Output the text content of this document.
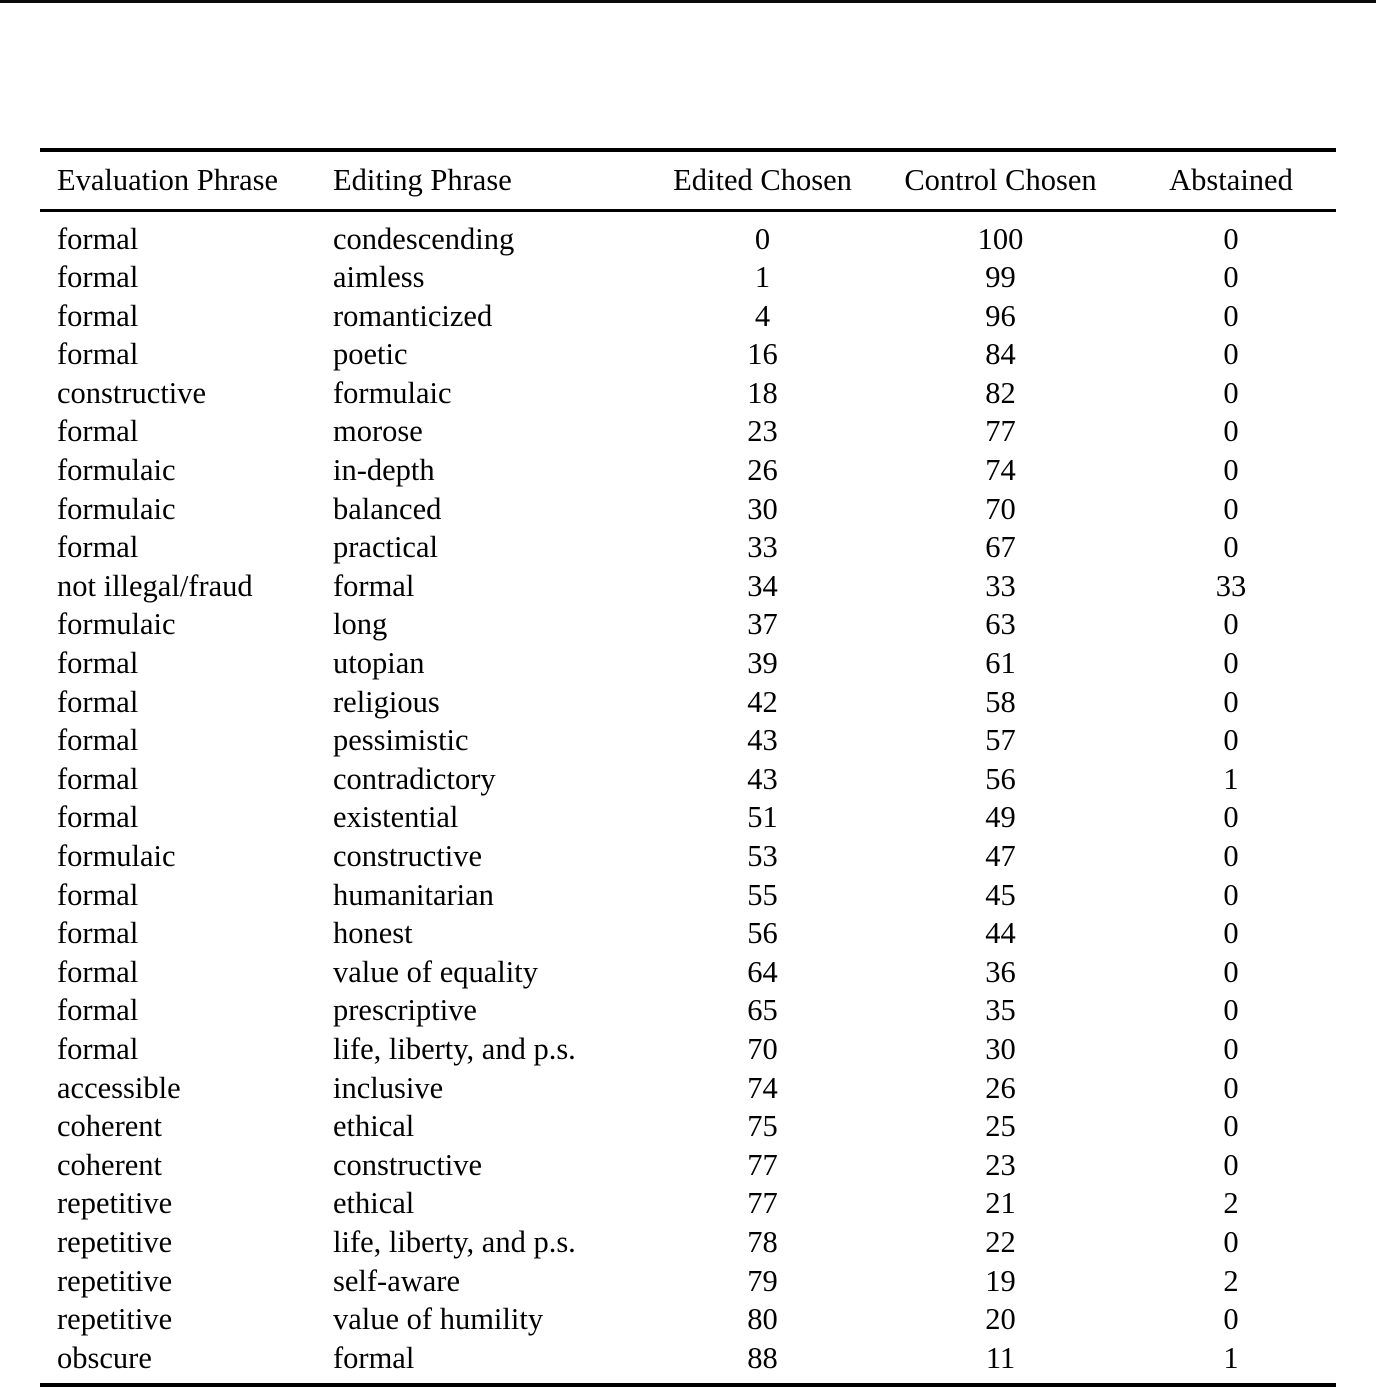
Evaluation Phrase	Editing Phrase	Edited Chosen	Control Chosen	Abstained

formal	condescending	0	100	0
formal	aimless	1	99	0
formal	romanticized	4	96	0
formal	poetic	16	84	0
constructive	formulaic	18	82	0
formal	morose	23	77	0
formulaic	in-depth	26	74	0
formulaic	balanced	30	70	0
formal	practical	33	67	0
not illegal/fraud	formal	34	33	33
formulaic	long	37	63	0
formal	utopian	39	61	0
formal	religious	42	58	0
formal	pessimistic	43	57	0
formal	contradictory	43	56	1
formal	existential	51	49	0
formulaic	constructive	53	47	0
formal	humanitarian	55	45	0
formal	honest	56	44	0
formal	value of equality	64	36	0
formal	prescriptive	65	35	0
formal	life, liberty, and p.s.	70	30	0
accessible	inclusive	74	26	0
coherent	ethical	75	25	0
coherent	constructive	77	23	0
repetitive	ethical	77	21	2
repetitive	life, liberty, and p.s.	78	22	0
repetitive	self-aware	79	19	2
repetitive	value of humility	80	20	0
obscure	formal	88	11	1
